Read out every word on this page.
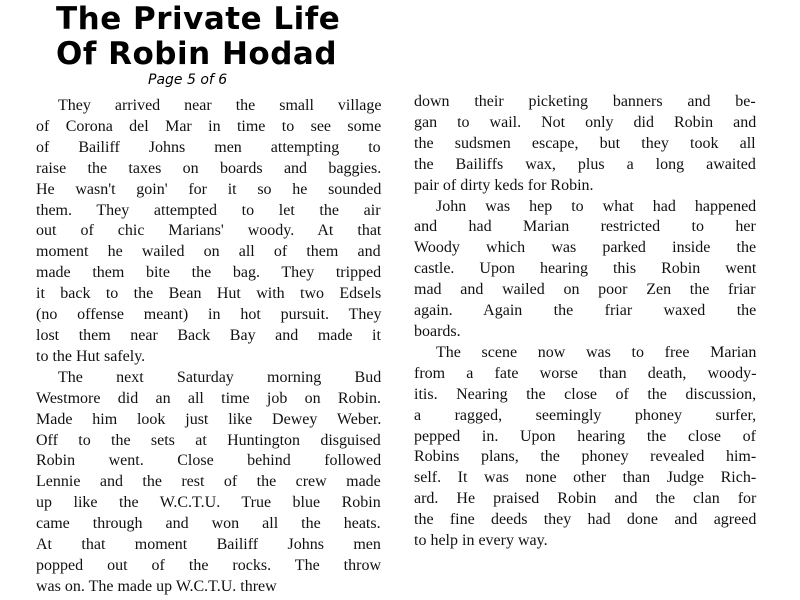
The Private Life
Of Robin Hodad
Page 5 of 6
They arrived near the small village
of Corona del Mar in time to see some
of Bailiff Johns men attempting to
raise the taxes on boards and baggies.
He wasn't goin' for it so he sounded
them. They attempted to let the air
out of chic Marians' woody. At that
moment he wailed on all of them and
made them bite the bag. They tripped
it back to the Bean Hut with two Edsels
(no offense meant) in hot pursuit. They
lost them near Back Bay and made it
to the Hut safely.
The next Saturday morning Bud
Westmore did an all time job on Robin.
Made him look just like Dewey Weber.
Off to the sets at Huntington disguised
Robin went. Close behind followed
Lennie and the rest of the crew made
up like the W.C.T.U. True blue Robin
came through and won all the heats.
At that moment Bailiff Johns men
popped out of the rocks. The throw
was on. The made up W.C.T.U. threw
down their picketing banners and be-
gan to wail. Not only did Robin and
the sudsmen escape, but they took all
the Bailiffs wax, plus a long awaited
pair of dirty keds for Robin.
John was hep to what had happened
and had Marian restricted to her
Woody which was parked inside the
castle. Upon hearing this Robin went
mad and wailed on poor Zen the friar
again. Again the friar waxed the
boards.
The scene now was to free Marian
from a fate worse than death, woody-
itis. Nearing the close of the discussion,
a ragged, seemingly phoney surfer,
pepped in. Upon hearing the close of
Robins plans, the phoney revealed him-
self. It was none other than Judge Rich-
ard. He praised Robin and the clan for
the fine deeds they had done and agreed
to help in every way.
